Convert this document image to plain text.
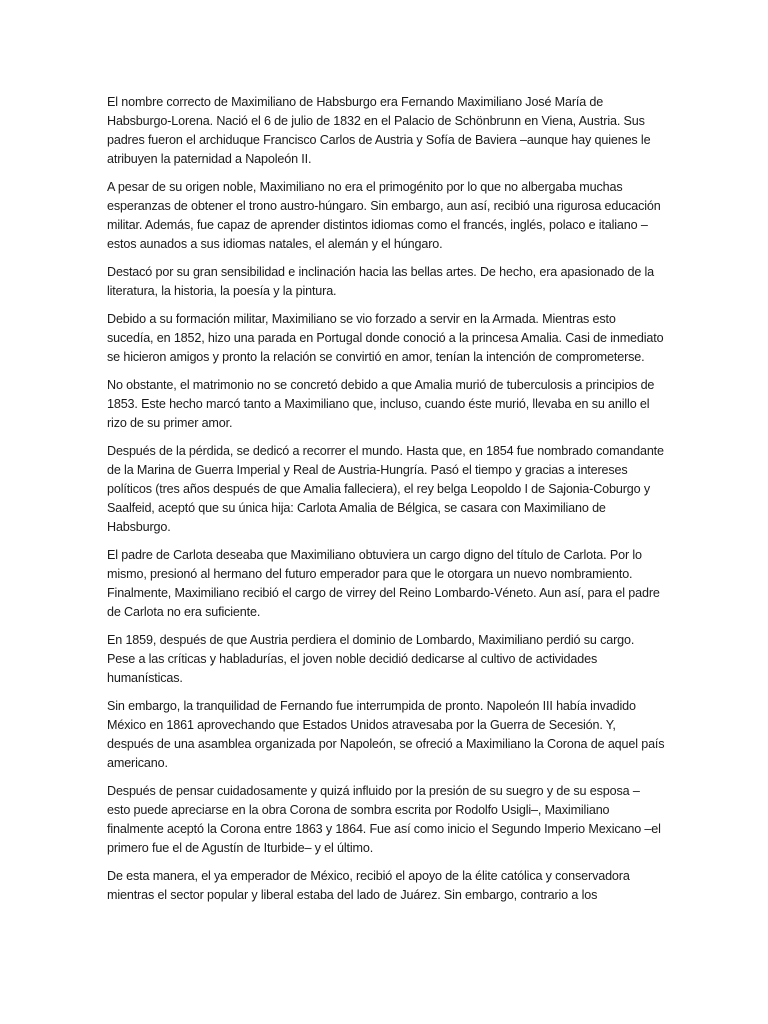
El nombre correcto de Maximiliano de Habsburgo era Fernando Maximiliano José María de Habsburgo-Lorena. Nació el 6 de julio de 1832 en el Palacio de Schönbrunn en Viena, Austria. Sus padres fueron el archiduque Francisco Carlos de Austria y Sofía de Baviera –aunque hay quienes le atribuyen la paternidad a Napoleón II.

A pesar de su origen noble, Maximiliano no era el primogénito por lo que no albergaba muchas esperanzas de obtener el trono austro-húngaro. Sin embargo, aun así, recibió una rigurosa educación militar. Además, fue capaz de aprender distintos idiomas como el francés, inglés, polaco e italiano –estos aunados a sus idiomas natales, el alemán y el húngaro.

Destacó por su gran sensibilidad e inclinación hacia las bellas artes. De hecho, era apasionado de la literatura, la historia, la poesía y la pintura.

Debido a su formación militar, Maximiliano se vio forzado a servir en la Armada. Mientras esto sucedía, en 1852, hizo una parada en Portugal donde conoció a la princesa Amalia. Casi de inmediato se hicieron amigos y pronto la relación se convirtió en amor, tenían la intención de comprometerse.

No obstante, el matrimonio no se concretó debido a que Amalia murió de tuberculosis a principios de 1853. Este hecho marcó tanto a Maximiliano que, incluso, cuando éste murió, llevaba en su anillo el rizo de su primer amor.

Después de la pérdida, se dedicó a recorrer el mundo. Hasta que, en 1854 fue nombrado comandante de la Marina de Guerra Imperial y Real de Austria-Hungría. Pasó el tiempo y gracias a intereses políticos (tres años después de que Amalia falleciera), el rey belga Leopoldo I de Sajonia-Coburgo y Saalfeid, aceptó que su única hija: Carlota Amalia de Bélgica, se casara con Maximiliano de Habsburgo.

El padre de Carlota deseaba que Maximiliano obtuviera un cargo digno del título de Carlota. Por lo mismo, presionó al hermano del futuro emperador para que le otorgara un nuevo nombramiento. Finalmente, Maximiliano recibió el cargo de virrey del Reino Lombardo-Véneto. Aun así, para el padre de Carlota no era suficiente.

En 1859, después de que Austria perdiera el dominio de Lombardo, Maximiliano perdió su cargo. Pese a las críticas y habladurías, el joven noble decidió dedicarse al cultivo de actividades humanísticas.

Sin embargo, la tranquilidad de Fernando fue interrumpida de pronto. Napoleón III había invadido México en 1861 aprovechando que Estados Unidos atravesaba por la Guerra de Secesión. Y, después de una asamblea organizada por Napoleón, se ofreció a Maximiliano la Corona de aquel país americano.

Después de pensar cuidadosamente y quizá influido por la presión de su suegro y de su esposa – esto puede apreciarse en la obra Corona de sombra escrita por Rodolfo Usigli–, Maximiliano finalmente aceptó la Corona entre 1863 y 1864. Fue así como inicio el Segundo Imperio Mexicano –el primero fue el de Agustín de Iturbide– y el último.

De esta manera, el ya emperador de México, recibió el apoyo de la élite católica y conservadora mientras el sector popular y liberal estaba del lado de Juárez. Sin embargo, contrario a los
